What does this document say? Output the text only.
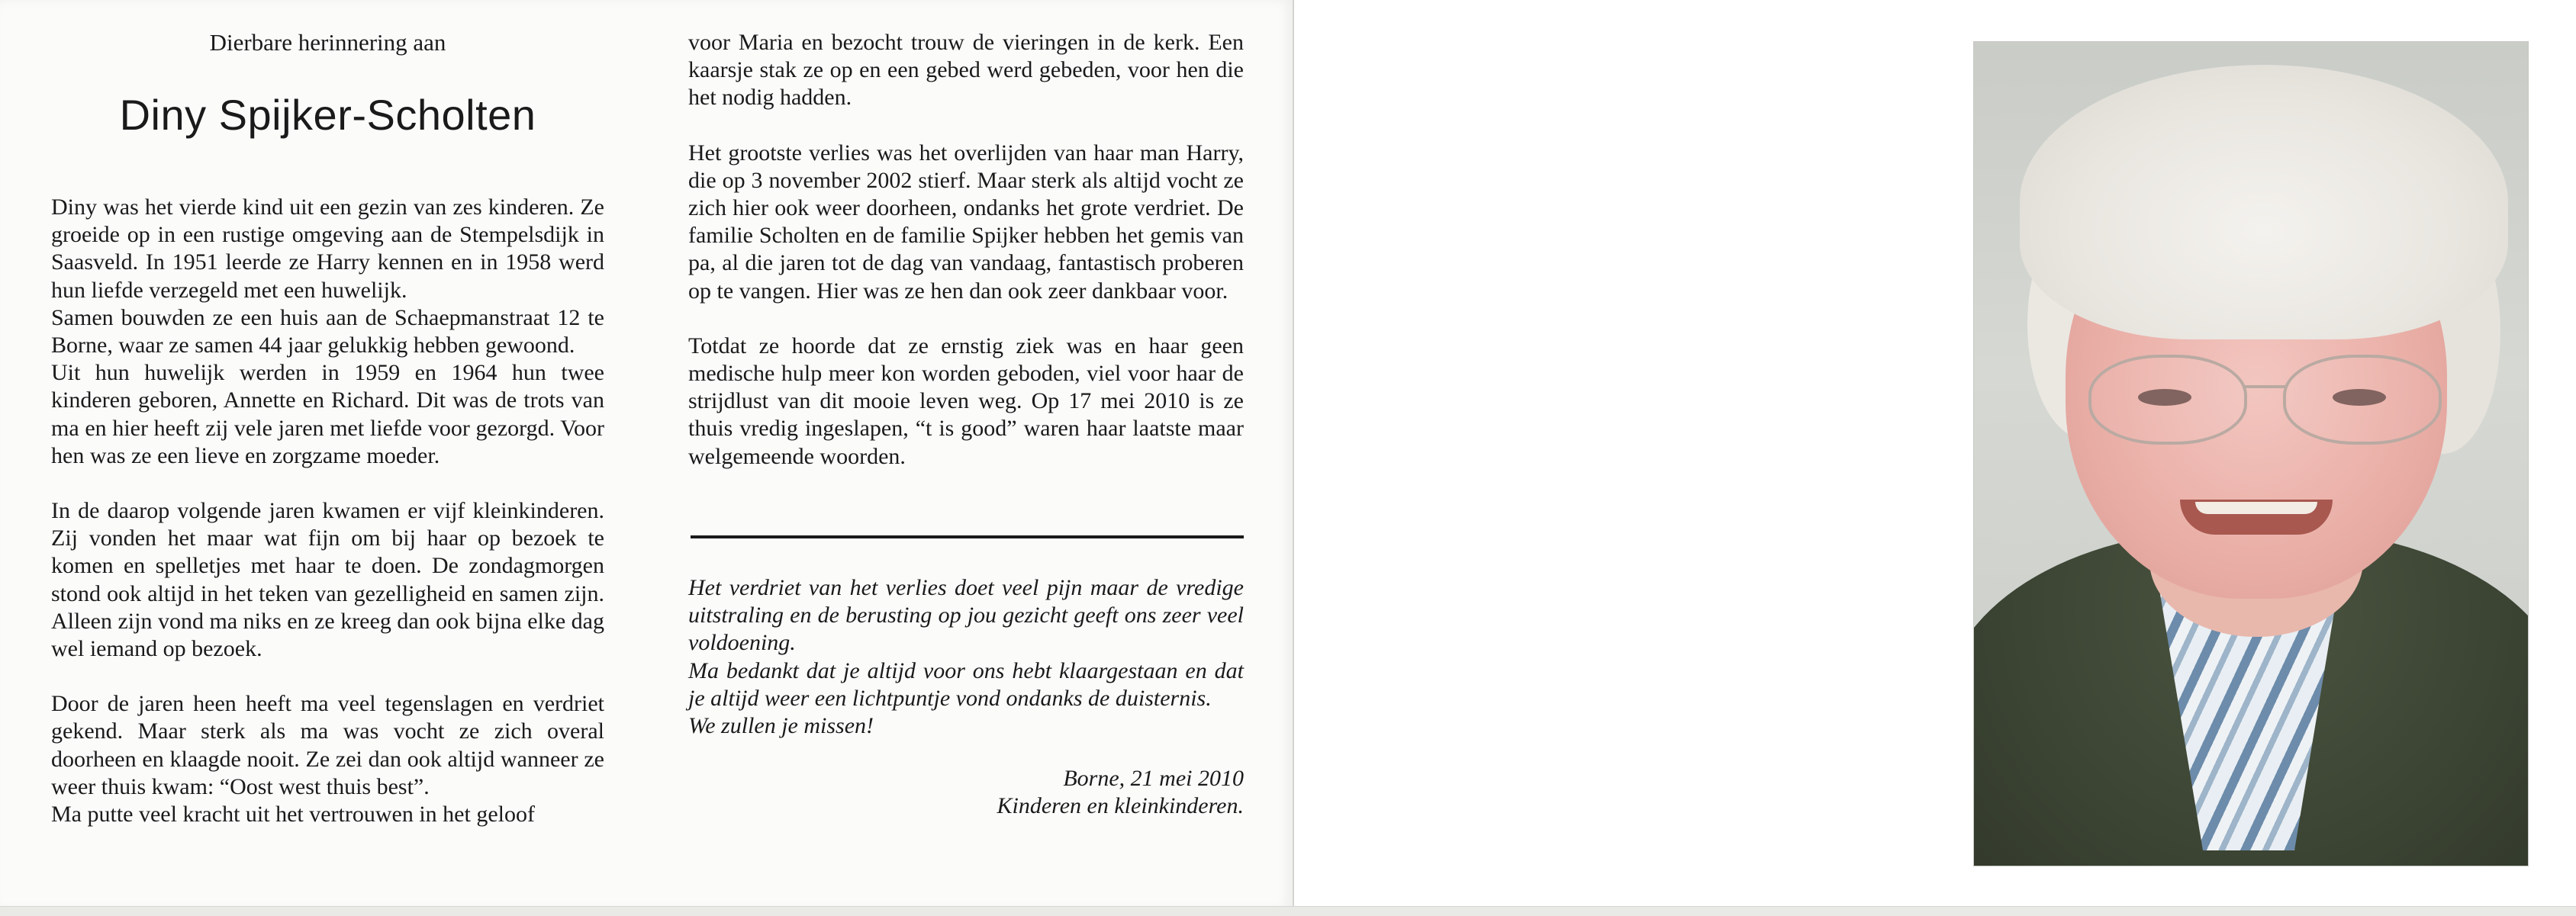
Dierbare herinnering aan
Diny Spijker-Scholten

Diny was het vierde kind uit een gezin van zes kinderen. Ze groeide op in een rustige omgeving aan de Stempelsdijk in Saasveld. In 1951 leerde ze Harry kennen en in 1958 werd hun liefde verzegeld met een huwelijk.

Samen bouwden ze een huis aan de Schaepmanstraat 12 te Borne, waar ze samen 44 jaar gelukkig hebben gewoond.

Uit hun huwelijk werden in 1959 en 1964 hun twee kinderen geboren, Annette en Richard. Dit was de trots van ma en hier heeft zij vele jaren met liefde voor gezorgd. Voor hen was ze een lieve en zorgzame moeder.

In de daarop volgende jaren kwamen er vijf kleinkinderen. Zij vonden het maar wat fijn om bij haar op bezoek te komen en spelletjes met haar te doen. De zondagmorgen stond ook altijd in het teken van gezelligheid en samen zijn. Alleen zijn vond ma niks en ze kreeg dan ook bijna elke dag wel iemand op bezoek.

Door de jaren heen heeft ma veel tegenslagen en verdriet gekend. Maar sterk als ma was vocht ze zich overal doorheen en klaagde nooit. Ze zei dan ook altijd wanneer ze weer thuis kwam: “Oost west thuis best”.

Ma putte veel kracht uit het vertrouwen in het geloof

voor Maria en bezocht trouw de vieringen in de kerk. Een kaarsje stak ze op en een gebed werd gebeden, voor hen die het nodig hadden.

Het grootste verlies was het overlijden van haar man Harry, die op 3 november 2002 stierf. Maar sterk als altijd vocht ze zich hier ook weer doorheen, ondanks het grote verdriet. De familie Scholten en de familie Spijker hebben het gemis van pa, al die jaren tot de dag van vandaag, fantastisch proberen op te vangen. Hier was ze hen dan ook zeer dankbaar voor.

Totdat ze hoorde dat ze ernstig ziek was en haar geen medische hulp meer kon worden geboden, viel voor haar de strijdlust van dit mooie leven weg. Op 17 mei 2010 is ze thuis vredig ingeslapen, “t is good” waren haar laatste maar welgemeende woorden.

Het verdriet van het verlies doet veel pijn maar de vredige uitstraling en de berusting op jou gezicht geeft ons zeer veel voldoening.

Ma bedankt dat je altijd voor ons hebt klaargestaan en dat je altijd weer een lichtpuntje vond ondanks de duisternis.

We zullen je missen!

Borne, 21 mei 2010
Kinderen en kleinkinderen.
